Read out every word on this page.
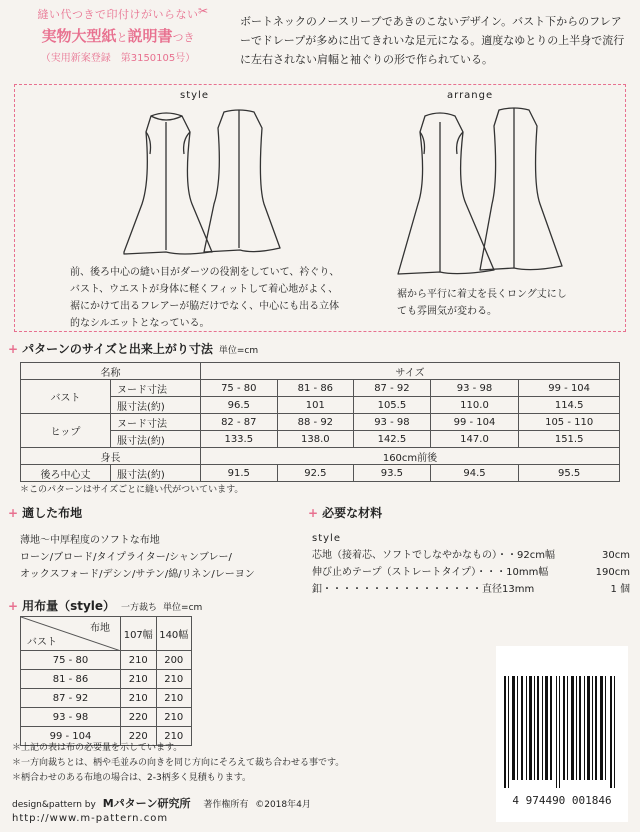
縫い代つきで印付けがいらない
実物大型紙と説明書つき
（実用新案登録　第3150105号）
✂
ボートネックのノースリーブであきのこないデザイン。バスト下からのフレアーでドレープが多めに出てきれいな足元になる。適度なゆとりの上半身で流行に左右されない肩幅と袖ぐりの形で作られている。
style	arrange
前、後ろ中心の縫い目がダーツの役割をしていて、衿ぐり、バスト、ウエストが身体に軽くフィットして着心地がよく、裾にかけて出るフレアーが脇だけでなく、中心にも出る立体的なシルエットとなっている。
裾から平行に着丈を長くロング丈にしても雰囲気が変わる。
+ パターンのサイズと出来上がり寸法 単位=cm
名称		サイズ				
バスト	ヌード寸法	75 - 80	81 - 86	87 - 92	93 - 98	99 - 104
	服寸法(約)	96.5	101	105.5	110.0	114.5
ヒップ	ヌード寸法	82 - 87	88 - 92	93 - 98	99 - 104	105 - 110
	服寸法(約)	133.5	138.0	142.5	147.0	151.5
身長		160cm前後				
後ろ中心丈	服寸法(約)	91.5	92.5	93.5	94.5	95.5
＊このパターンはサイズごとに縫い代がついています。
+ 適した布地
薄地～中厚程度のソフトな布地
ローン/ブロード/タイプライター/シャンブレー/
オックスフォード/デシン/サテン/綿/リネン/レーヨン
+ 必要な材料
style
芯地（接着芯、ソフトでしなやかなもの）・・92cm幅	30cm
伸び止めテープ（ストレートタイプ）・・・10mm幅	190cm
釦・・・・・・・・・・・・・・・・直径13mm	1 個
+ 用布量（style） 一方裁ち 単位=cm
布地
バスト	107幅	140幅
75 - 80	210	200
81 - 86	210	210
87 - 92	210	210
93 - 98	220	210
99 - 104	220	210
＊上記の表は布の必要量を示しています。
＊一方向裁ちとは、柄や毛並みの向きを同じ方向にそろえて裁ち合わせる事です。
＊柄合わせのある布地の場合は、2-3柄多く見積もります。
design&pattern by Mパターン研究所 著作権所有 ©2018年4月
http://www.m-pattern.com
4 974490 001846
